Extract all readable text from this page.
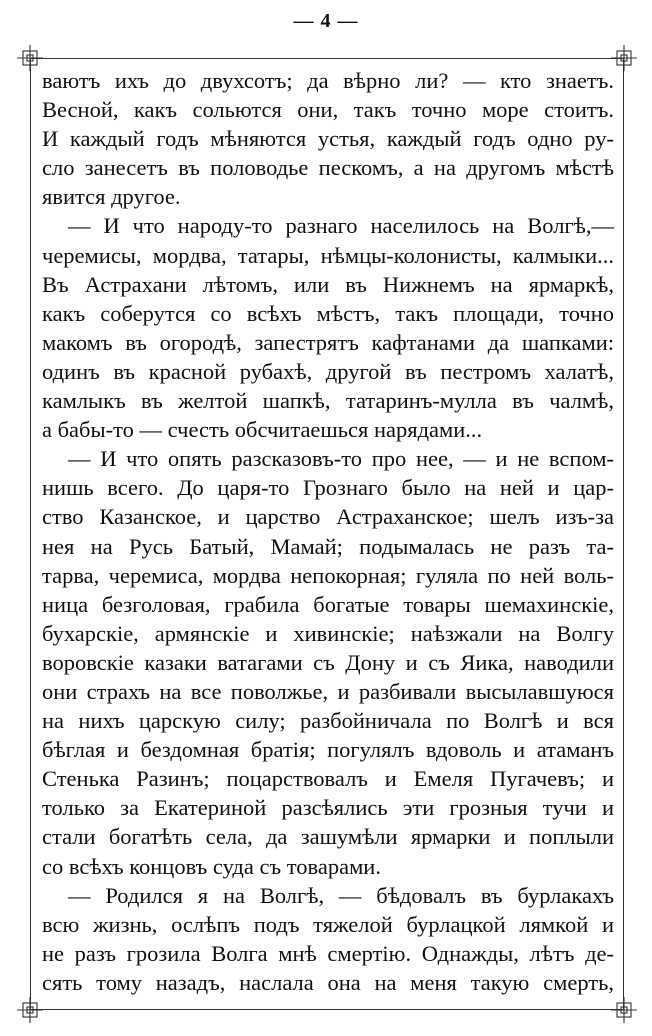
— 4 —
ваютъ ихъ до двухсотъ; да вѣрно ли? — кто знаетъ.
Весной, какъ сольются они, такъ точно море стоитъ.
И каждый годъ мѣняются устья, каждый годъ одно ру-
сло занесетъ въ половодье пескомъ, а на другомъ мѣстѣ
явится другое.
— И что народу-то разнаго населилось на Волгѣ,—
черемисы, мордва, татары, нѣмцы-колонисты, калмыки...
Въ Астрахани лѣтомъ, или въ Нижнемъ на ярмаркѣ,
какъ соберутся со всѣхъ мѣстъ, такъ площади, точно
макомъ въ огородѣ, запестрятъ кафтанами да шапками:
одинъ въ красной рубахѣ, другой въ пестромъ халатѣ,
камлыкъ въ желтой шапкѣ, татаринъ-мулла въ чалмѣ,
а бабы-то — счесть обсчитаешься нарядами...
— И что опять разсказовъ-то про нее, — и не вспом-
нишь всего. До царя-то Грознаго было на ней и цар-
ство Казанское, и царство Астраханское; шелъ изъ-за
нея на Русь Батый, Мамай; подымалась не разъ та-
тарва, черемиса, мордва непокорная; гуляла по ней воль-
ница безголовая, грабила богатые товары шемахинскіе,
бухарскіе, армянскіе и хивинскіе; наѣзжали на Волгу
воровскіе казаки ватагами съ Дону и съ Яика, наводили
они страхъ на все поволжье, и разбивали высылавшуюся
на нихъ царскую силу; разбойничала по Волгѣ и вся
бѣглая и бездомная братія; погулялъ вдоволь и атаманъ
Стенька Разинъ; поцарствовалъ и Емеля Пугачевъ; и
только за Екатериной разсѣялись эти грозныя тучи и
стали богатѣть села, да зашумѣли ярмарки и поплыли
со всѣхъ концовъ суда съ товарами.
— Родился я на Волгѣ, — бѣдовалъ въ бурлакахъ
всю жизнь, ослѣпъ подъ тяжелой бурлацкой лямкой и
не разъ грозила Волга мнѣ смертію. Однажды, лѣтъ де-
сять тому назадъ, наслала она на меня такую смерть,
